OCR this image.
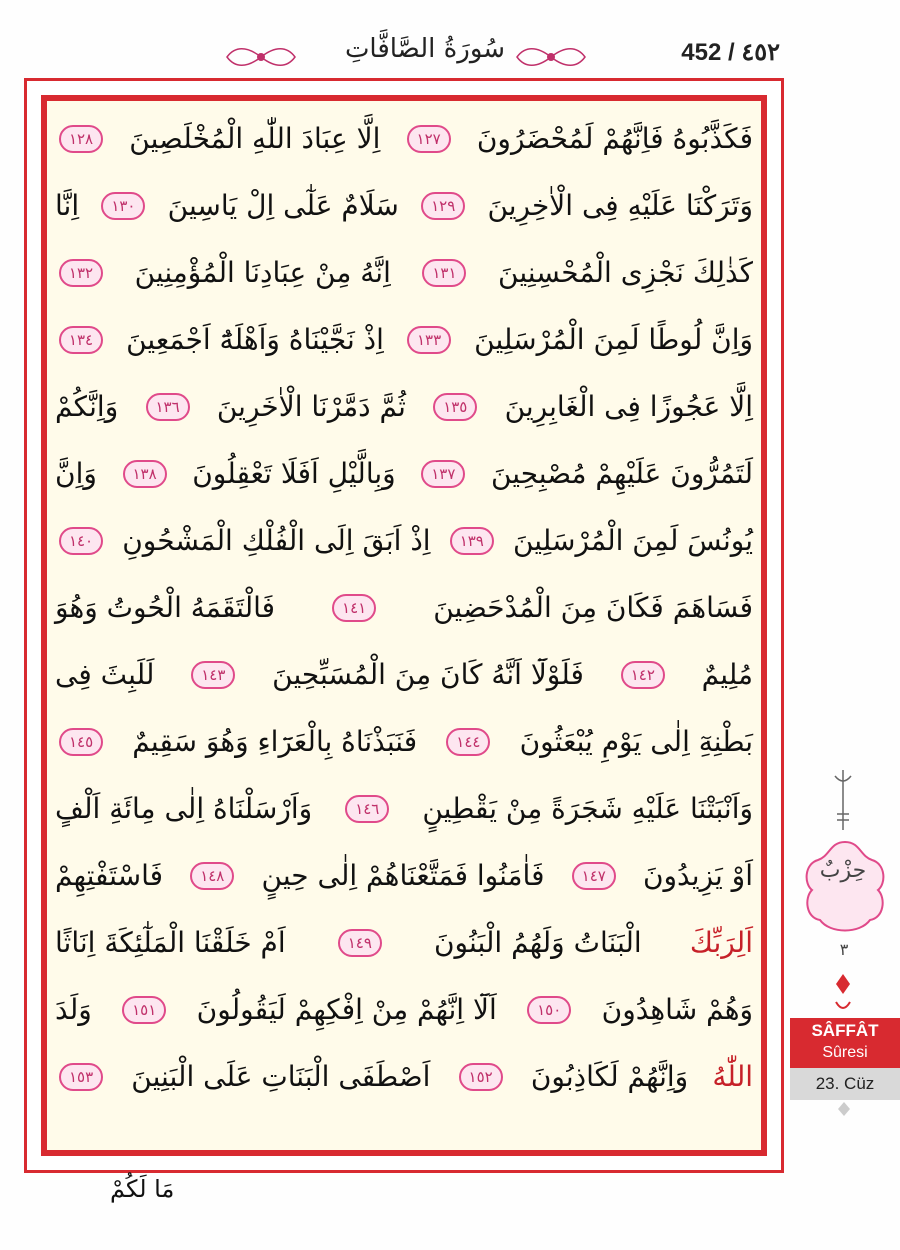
سُورَةُ الصَّافَّاتِ	452 / ٤٥٢
فَكَذَّبُوهُ فَاِنَّهُمْ لَمُحْضَرُونَ
١٢٧
اِلَّا عِبَادَ اللّٰهِ الْمُخْلَصِينَ
١٢٨
وَتَرَكْنَا عَلَيْهِ فِى الْاٰخِرِينَ
١٢٩
سَلَامٌ عَلٰٓى اِلْ يَاسِينَ
١٣٠
اِنَّا
كَذٰلِكَ نَجْزِى الْمُحْسِنِينَ
١٣١
اِنَّهُ مِنْ عِبَادِنَا الْمُؤْمِنِينَ
١٣٢
وَاِنَّ لُوطًا لَمِنَ الْمُرْسَلِينَ
١٣٣
اِذْ نَجَّيْنَاهُ وَاَهْلَهُٓ اَجْمَعِينَ
١٣٤
اِلَّا عَجُوزًا فِى الْغَابِرِينَ
١٣٥
ثُمَّ دَمَّرْنَا الْاٰخَرِينَ
١٣٦
وَاِنَّكُمْ
لَتَمُرُّونَ عَلَيْهِمْ مُصْبِحِينَ
١٣٧
وَبِالَّيْلِ اَفَلَا تَعْقِلُونَ
١٣٨
وَاِنَّ
يُونُسَ لَمِنَ الْمُرْسَلِينَ
١٣٩
اِذْ اَبَقَ اِلَى الْفُلْكِ الْمَشْحُونِ
١٤٠
فَسَاهَمَ فَكَانَ مِنَ الْمُدْحَضِينَ
١٤١
فَالْتَقَمَهُ الْحُوتُ وَهُوَ
مُلِيمٌ
١٤٢
فَلَوْلَٓا اَنَّهُ كَانَ مِنَ الْمُسَبِّحِينَ
١٤٣
لَلَبِثَ فِى
بَطْنِهِٓ اِلٰى يَوْمِ يُبْعَثُونَ
١٤٤
فَنَبَذْنَاهُ بِالْعَرَٓاءِ وَهُوَ سَقِيمٌ
١٤٥
وَاَنْبَتْنَا عَلَيْهِ شَجَرَةً مِنْ يَقْطِينٍ
١٤٦
وَاَرْسَلْنَاهُ اِلٰى مِائَةِ اَلْفٍ
اَوْ يَزِيدُونَ
١٤٧
فَاٰمَنُوا فَمَتَّعْنَاهُمْ اِلٰى حِينٍ
١٤٨
فَاسْتَفْتِهِمْ
اَلِرَبِّكَ
الْبَنَاتُ وَلَهُمُ الْبَنُونَ
١٤٩
اَمْ خَلَقْنَا الْمَلٰٓئِكَةَ اِنَاثًا
وَهُمْ شَاهِدُونَ
١٥٠
اَلَٓا اِنَّهُمْ مِنْ اِفْكِهِمْ لَيَقُولُونَ
١٥١
وَلَدَ
اللّٰهُ
وَاِنَّهُمْ لَكَاذِبُونَ
١٥٢
اَصْطَفَى الْبَنَاتِ عَلَى الْبَنِينَ
١٥٣
مَا لَكُمْ
حِزْبٌ
٣
SÂFFÂT
Sûresi
23. Cüz
